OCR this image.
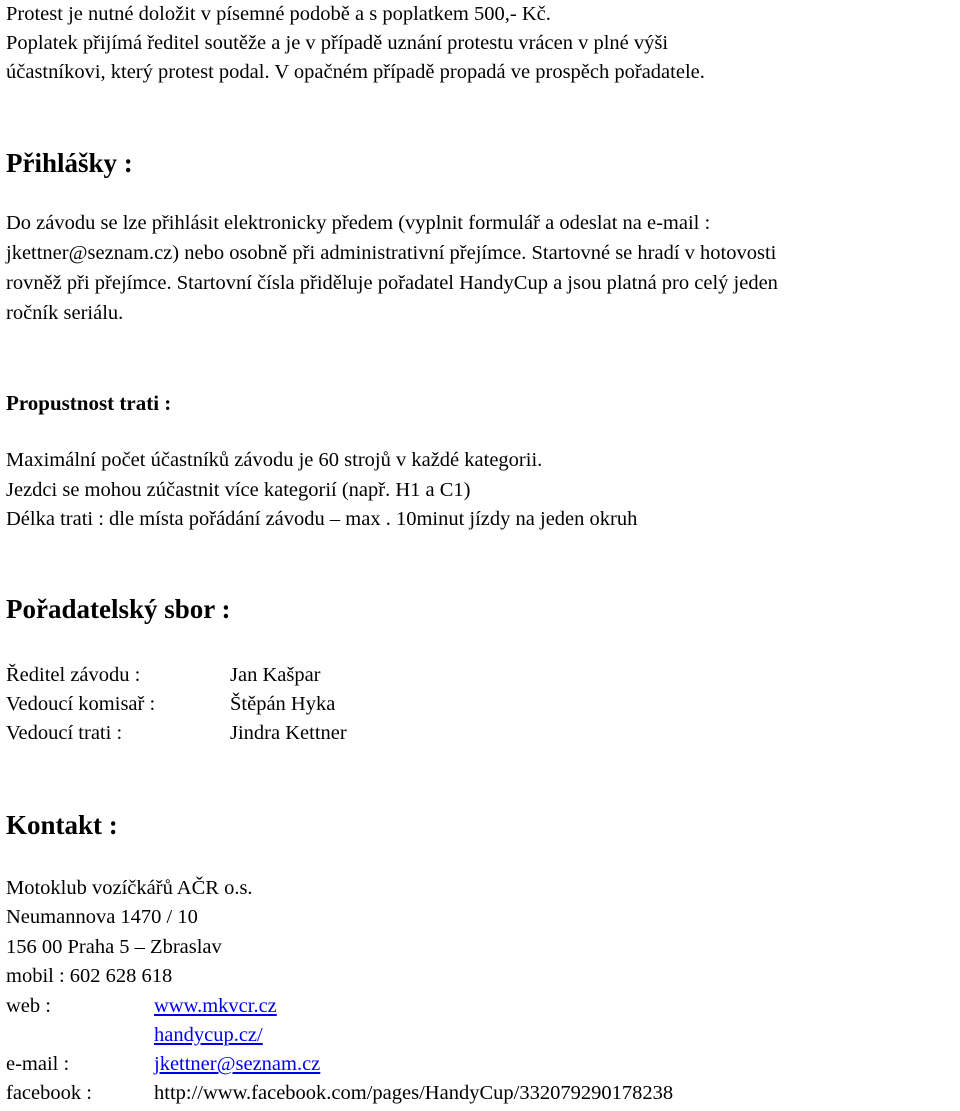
Protest je nutné doložit v písemné podobě a s poplatkem 500,- Kč.
Poplatek přijímá ředitel soutěže a je v případě uznání protestu vrácen v plné výši
účastníkovi, který protest podal. V opačném případě propadá ve prospěch pořadatele.
Přihlášky :
Do závodu se lze přihlásit elektronicky předem (vyplnit formulář a odeslat na e-mail :
jkettner@seznam.cz) nebo osobně při administrativní přejímce. Startovné se hradí v hotovosti
rovněž při přejímce. Startovní čísla přiděluje pořadatel HandyCup a jsou platná pro celý jeden
ročník seriálu.
Propustnost trati :
Maximální počet účastníků závodu je 60 strojů v každé kategorii.
Jezdci se mohou zúčastnit více kategorií (např. H1 a C1)
Délka trati : dle místa pořádání závodu – max . 10minut jízdy na jeden okruh
Pořadatelský sbor :
Ředitel závodu :	Jan Kašpar
Vedoucí komisař :	Štěpán Hyka
Vedoucí trati :	Jindra Kettner
Kontakt :
Motoklub vozíčkářů AČR o.s.
Neumannova 1470 / 10
156 00 Praha 5 – Zbraslav
mobil : 602 628 618
web :	www.mkvcr.cz
handycup.cz/
e-mail :	jkettner@seznam.cz
facebook :	http://www.facebook.com/pages/HandyCup/332079290178238
